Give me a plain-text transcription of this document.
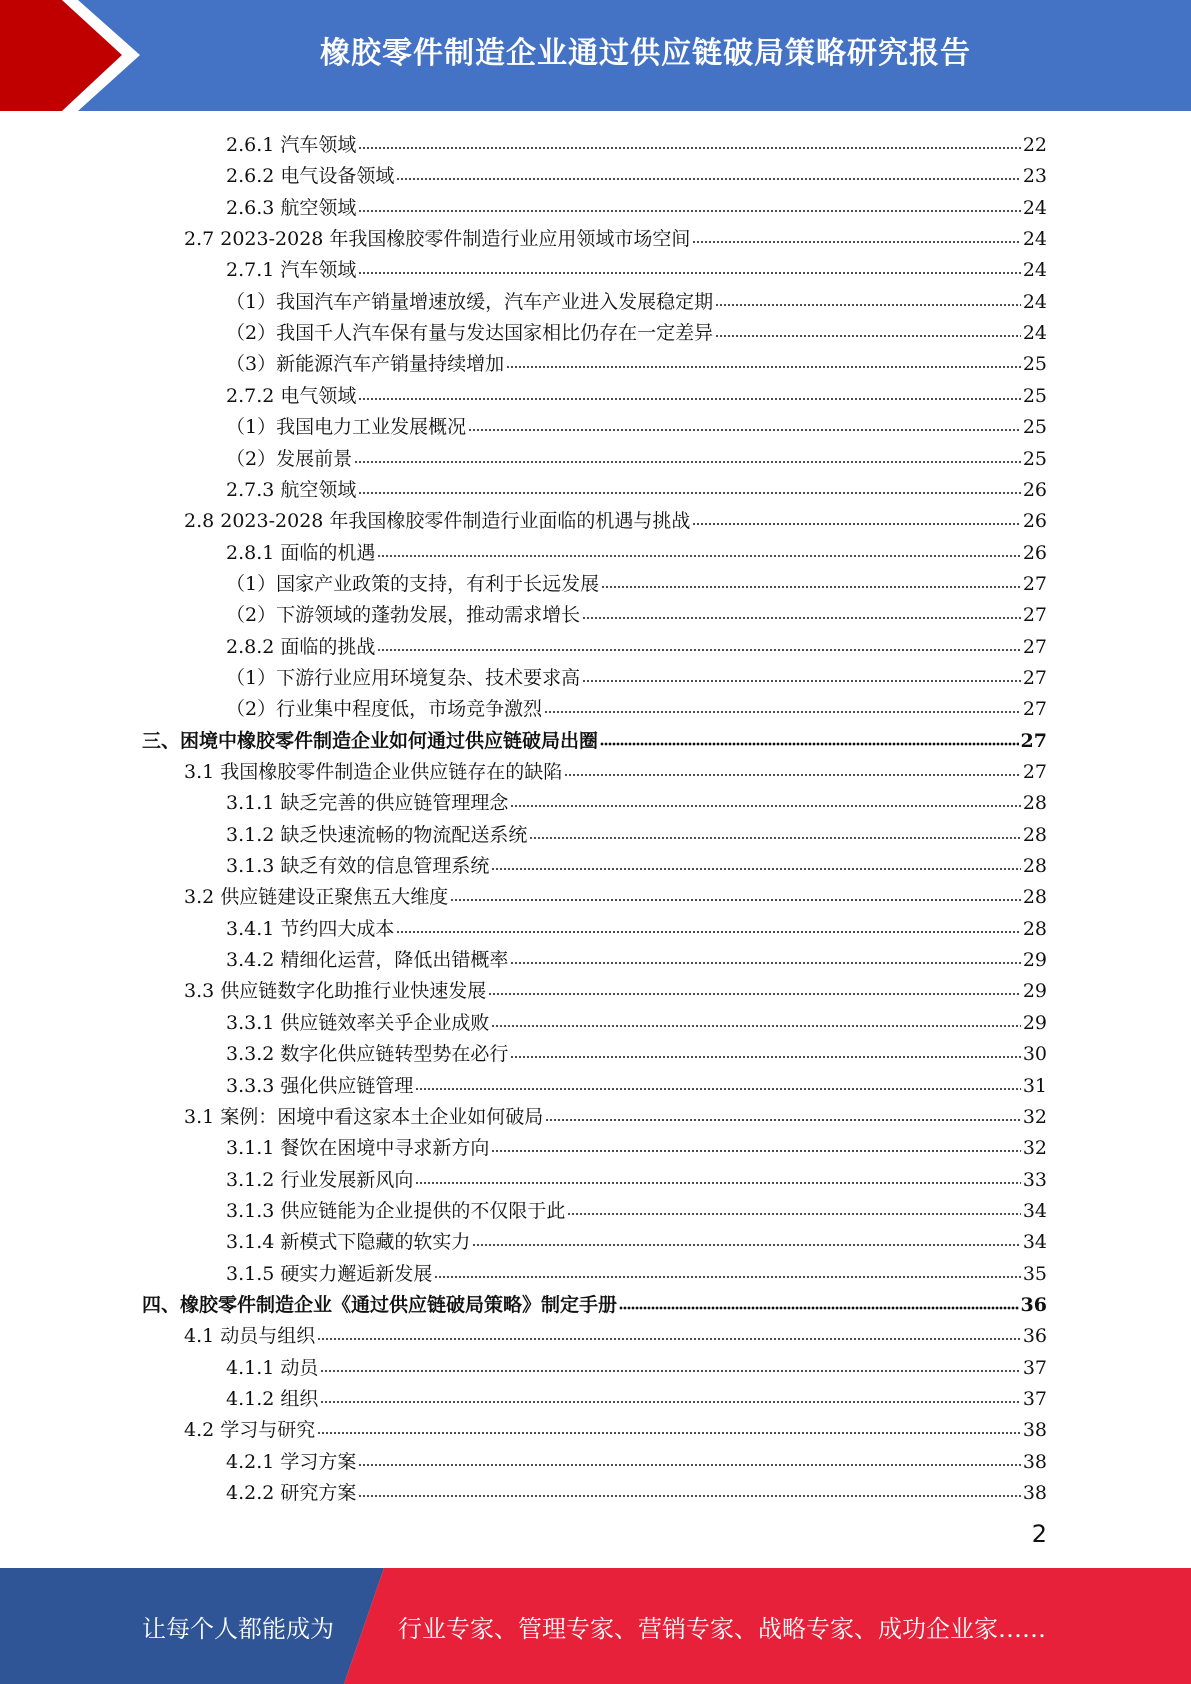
橡胶零件制造企业通过供应链破局策略研究报告
2.6.1 汽车领域	22
2.6.2 电气设备领域	23
2.6.3 航空领域	24
2.7 2023-2028 年我国橡胶零件制造行业应用领域市场空间	24
2.7.1 汽车领域	24
（1）我国汽车产销量增速放缓，汽车产业进入发展稳定期	24
（2）我国千人汽车保有量与发达国家相比仍存在一定差异	24
（3）新能源汽车产销量持续增加	25
2.7.2 电气领域	25
（1）我国电力工业发展概况	25
（2）发展前景	25
2.7.3 航空领域	26
2.8 2023-2028 年我国橡胶零件制造行业面临的机遇与挑战	26
2.8.1 面临的机遇	26
（1）国家产业政策的支持，有利于长远发展	27
（2）下游领域的蓬勃发展，推动需求增长	27
2.8.2 面临的挑战	27
（1）下游行业应用环境复杂、技术要求高	27
（2）行业集中程度低，市场竞争激烈	27
三、困境中橡胶零件制造企业如何通过供应链破局出圈	27
3.1 我国橡胶零件制造企业供应链存在的缺陷	27
3.1.1 缺乏完善的供应链管理理念	28
3.1.2 缺乏快速流畅的物流配送系统	28
3.1.3 缺乏有效的信息管理系统	28
3.2 供应链建设正聚焦五大维度	28
3.4.1 节约四大成本	28
3.4.2 精细化运营，降低出错概率	29
3.3 供应链数字化助推行业快速发展	29
3.3.1 供应链效率关乎企业成败	29
3.3.2 数字化供应链转型势在必行	30
3.3.3 强化供应链管理	31
3.1 案例：困境中看这家本土企业如何破局	32
3.1.1 餐饮在困境中寻求新方向	32
3.1.2 行业发展新风向	33
3.1.3 供应链能为企业提供的不仅限于此	34
3.1.4 新模式下隐藏的软实力	34
3.1.5 硬实力邂逅新发展	35
四、橡胶零件制造企业《通过供应链破局策略》制定手册	36
4.1 动员与组织	36
4.1.1 动员	37
4.1.2 组织	37
4.2 学习与研究	38
4.2.1 学习方案	38
4.2.2 研究方案	38
2
让每个人都能成为	行业专家、管理专家、营销专家、战略专家、成功企业家……
